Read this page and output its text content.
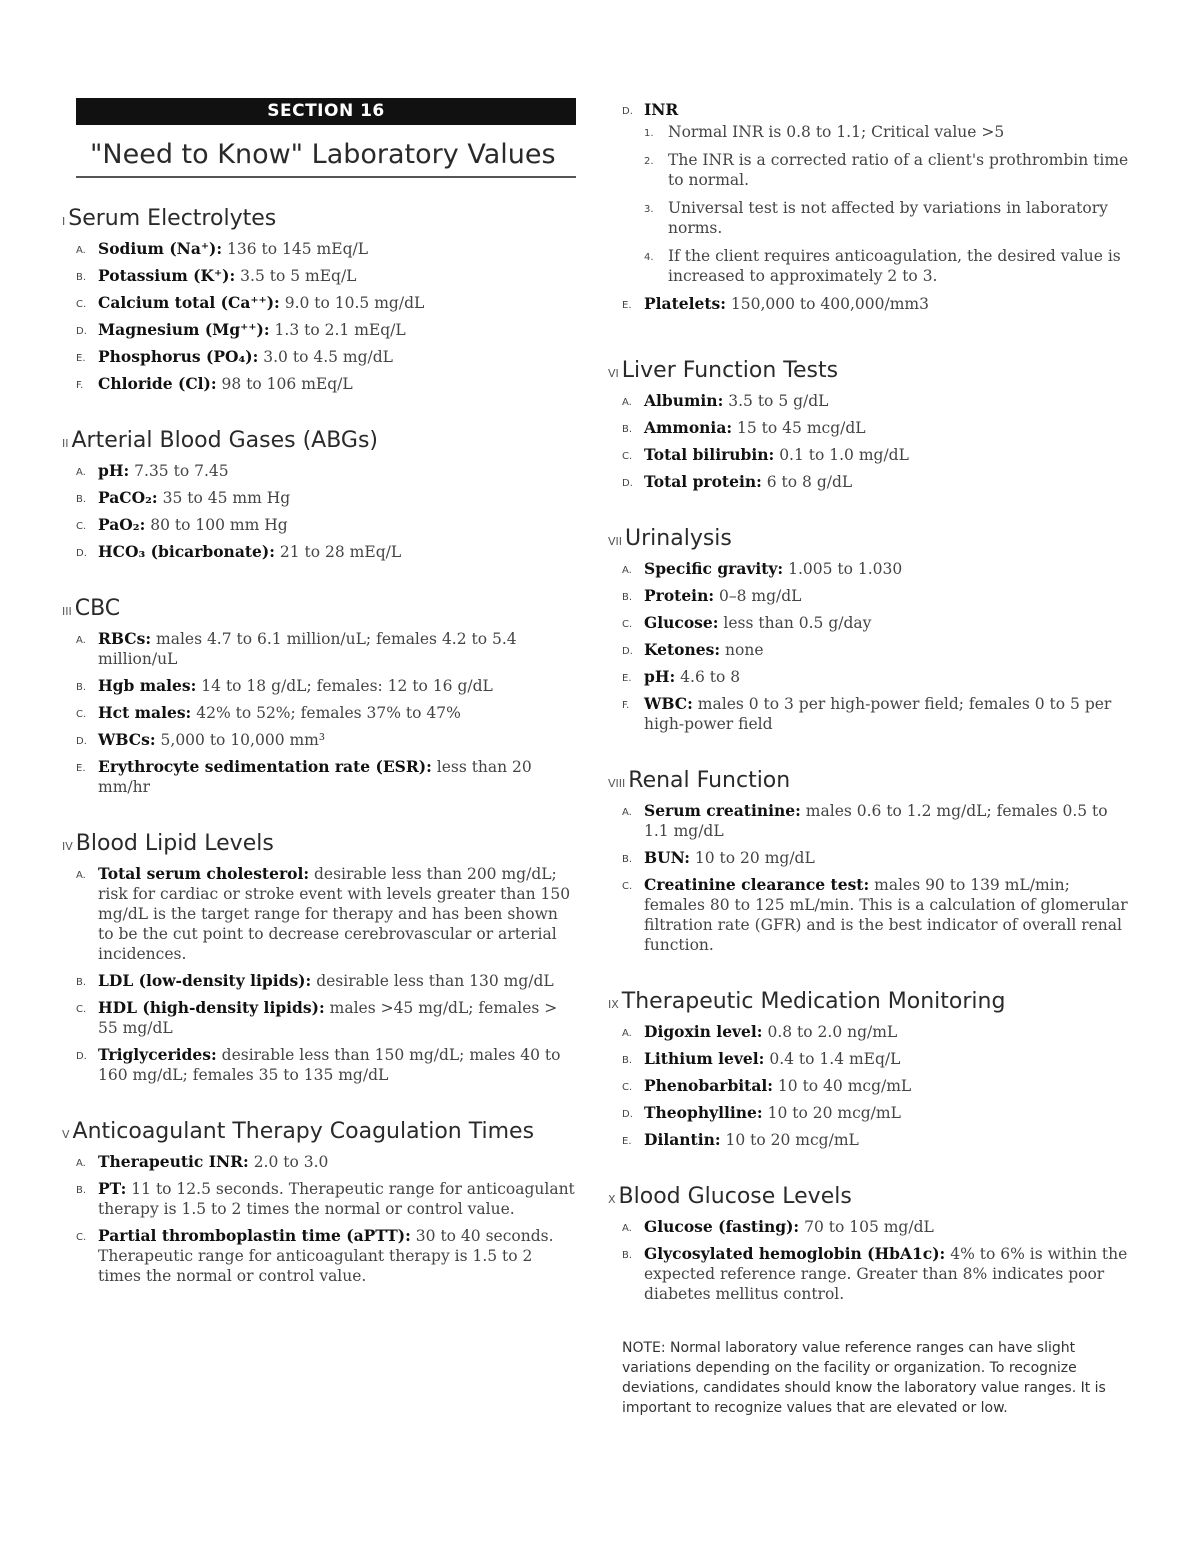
SECTION 16
"Need to Know" Laboratory Values
I Serum Electrolytes
A. Sodium (Na⁺): 136 to 145 mEq/L
B. Potassium (K⁺): 3.5 to 5 mEq/L
C. Calcium total (Ca⁺⁺): 9.0 to 10.5 mg/dL
D. Magnesium (Mg⁺⁺): 1.3 to 2.1 mEq/L
E. Phosphorus (PO₄): 3.0 to 4.5 mg/dL
F. Chloride (Cl): 98 to 106 mEq/L
II Arterial Blood Gases (ABGs)
A. pH: 7.35 to 7.45
B. PaCO₂: 35 to 45 mm Hg
C. PaO₂: 80 to 100 mm Hg
D. HCO₃ (bicarbonate): 21 to 28 mEq/L
III CBC
A. RBCs: males 4.7 to 6.1 million/uL; females 4.2 to 5.4 million/uL
B. Hgb males: 14 to 18 g/dL; females: 12 to 16 g/dL
C. Hct males: 42% to 52%; females 37% to 47%
D. WBCs: 5,000 to 10,000 mm³
E. Erythrocyte sedimentation rate (ESR): less than 20 mm/hr
IV Blood Lipid Levels
A. Total serum cholesterol: desirable less than 200 mg/dL; risk for cardiac or stroke event with levels greater than 150 mg/dL is the target range for therapy and has been shown to be the cut point to decrease cerebrovascular or arterial incidences.
B. LDL (low-density lipids): desirable less than 130 mg/dL
C. HDL (high-density lipids): males >45 mg/dL; females > 55 mg/dL
D. Triglycerides: desirable less than 150 mg/dL; males 40 to 160 mg/dL; females 35 to 135 mg/dL
V Anticoagulant Therapy Coagulation Times
A. Therapeutic INR: 2.0 to 3.0
B. PT: 11 to 12.5 seconds. Therapeutic range for anticoagulant therapy is 1.5 to 2 times the normal or control value.
C. Partial thromboplastin time (aPTT): 30 to 40 seconds. Therapeutic range for anticoagulant therapy is 1.5 to 2 times the normal or control value.
D. INR
1. Normal INR is 0.8 to 1.1; Critical value >5
2. The INR is a corrected ratio of a client's prothrombin time to normal.
3. Universal test is not affected by variations in laboratory norms.
4. If the client requires anticoagulation, the desired value is increased to approximately 2 to 3.
E. Platelets: 150,000 to 400,000/mm3
VI Liver Function Tests
A. Albumin: 3.5 to 5 g/dL
B. Ammonia: 15 to 45 mcg/dL
C. Total bilirubin: 0.1 to 1.0 mg/dL
D. Total protein: 6 to 8 g/dL
VII Urinalysis
A. Specific gravity: 1.005 to 1.030
B. Protein: 0–8 mg/dL
C. Glucose: less than 0.5 g/day
D. Ketones: none
E. pH: 4.6 to 8
F. WBC: males 0 to 3 per high-power field; females 0 to 5 per high-power field
VIII Renal Function
A. Serum creatinine: males 0.6 to 1.2 mg/dL; females 0.5 to 1.1 mg/dL
B. BUN: 10 to 20 mg/dL
C. Creatinine clearance test: males 90 to 139 mL/min; females 80 to 125 mL/min. This is a calculation of glomerular filtration rate (GFR) and is the best indicator of overall renal function.
IX Therapeutic Medication Monitoring
A. Digoxin level: 0.8 to 2.0 ng/mL
B. Lithium level: 0.4 to 1.4 mEq/L
C. Phenobarbital: 10 to 40 mcg/mL
D. Theophylline: 10 to 20 mcg/mL
E. Dilantin: 10 to 20 mcg/mL
X Blood Glucose Levels
A. Glucose (fasting): 70 to 105 mg/dL
B. Glycosylated hemoglobin (HbA1c): 4% to 6% is within the expected reference range. Greater than 8% indicates poor diabetes mellitus control.
NOTE: Normal laboratory value reference ranges can have slight variations depending on the facility or organization. To recognize deviations, candidates should know the laboratory value ranges. It is important to recognize values that are elevated or low.
